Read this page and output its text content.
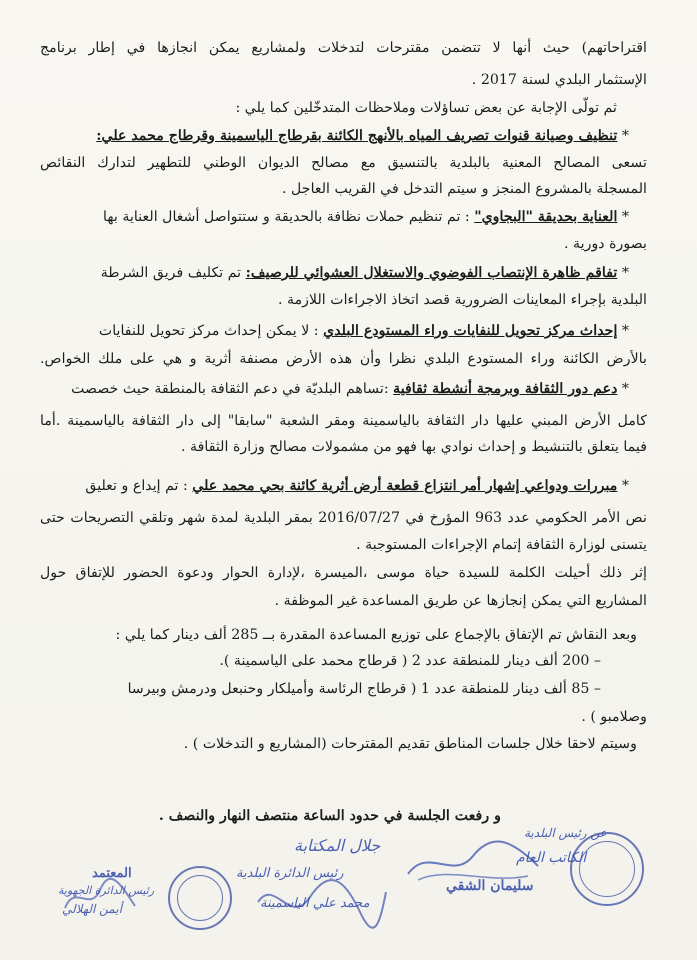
اقتراحاتهم) حيث أنها لا تتضمن مقترحات لتدخلات ولمشاريع يمكن انجازها في إطار برنامج
الإستثمار البلدي لسنة 2017 .
ثم تولّى الإجابة عن بعض تساؤلات وملاحظات المتدخّلين كما يلي :
* تنظيف وصيانة قنوات تصريف المياه بالأنهج الكائنة بقرطاج الياسمينة وقرطاج محمد علي:
تسعى المصالح المعنية بالبلدية بالتنسيق مع مصالح الديوان الوطني للتطهير لتدارك النقائص
المسجلة بالمشروع المنجز و سيتم التدخل في القريب العاجل .
* العناية بحديقة "البجاوي" : تم تنظيم حملات نظافة بالحديقة و ستتواصل أشغال العناية بها
بصورة دورية .
* تفاقم ظاهرة الإنتصاب الفوضوي والاستغلال العشوائي للرصيف: تم تكليف فريق الشرطة
البلدية بإجراء المعاينات الضرورية قصد اتخاذ الاجراءات اللازمة .
* إحداث مركز تحويل للنفايات وراء المستودع البلدي : لا يمكن إحداث مركز تحويل للنفايات
بالأرض الكائنة وراء المستودع البلدي نظرا وأن هذه الأرض مصنفة أثرية و هي على ملك الخواص.
* دعم دور الثقافة وبرمجة أنشطة ثقافية :تساهم البلديّة في دعم الثقافة بالمنطقة حيث خصصت
كامل الأرض المبني عليها دار الثقافة بالياسمينة ومقر الشعبة "سابقا" إلى دار الثقافة بالياسمينة .أما
فيما يتعلق بالتنشيط و إحداث نوادي بها فهو من مشمولات مصالح وزارة الثقافة .
* مبررات ودواعي إشهار أمر انتزاع قطعة أرض أثرية كائنة بحي محمد علي : تم إيداع و تعليق
نص الأمر الحكومي عدد 963 المؤرخ في 2016/07/27 بمقر البلدية لمدة شهر وتلقي التصريحات حتى
يتسنى لوزارة الثقافة إتمام الإجراءات المستوجبة .
إثر ذلك أحيلت الكلمة للسيدة حياة موسى ،الميسرة ،لإدارة الحوار ودعوة الحضور للإتفاق حول
المشاريع التي يمكن إنجازها عن طريق المساعدة غير الموظفة .
وبعد النقاش تم الإتفاق بالإجماع على توزيع المساعدة المقدرة بــ 285 ألف دينار كما يلي :
– 200 ألف دينار للمنطقة عدد 2 ( قرطاج محمد على الياسمينة ).
– 85 ألف دينار للمنطقة عدد 1 ( قرطاج الرئاسة وأميلكار وحنبعل ودرمش وبيرسا
وصلامبو ) .
وسيتم لاحقا خلال جلسات المناطق تقديم المقترحات (المشاريع و التدخلات ) .
و رفعت الجلسة في حدود الساعة منتصف النهار والنصف .
عن رئيس البلدية
الكاتب العام
سليمان الشقي
جلال المكتابة
رئيس الدائرة البلدية
محمد علي الياسمينة
المعتمد
رئيس الدائرة الجهوية
أيمن الهلالي
